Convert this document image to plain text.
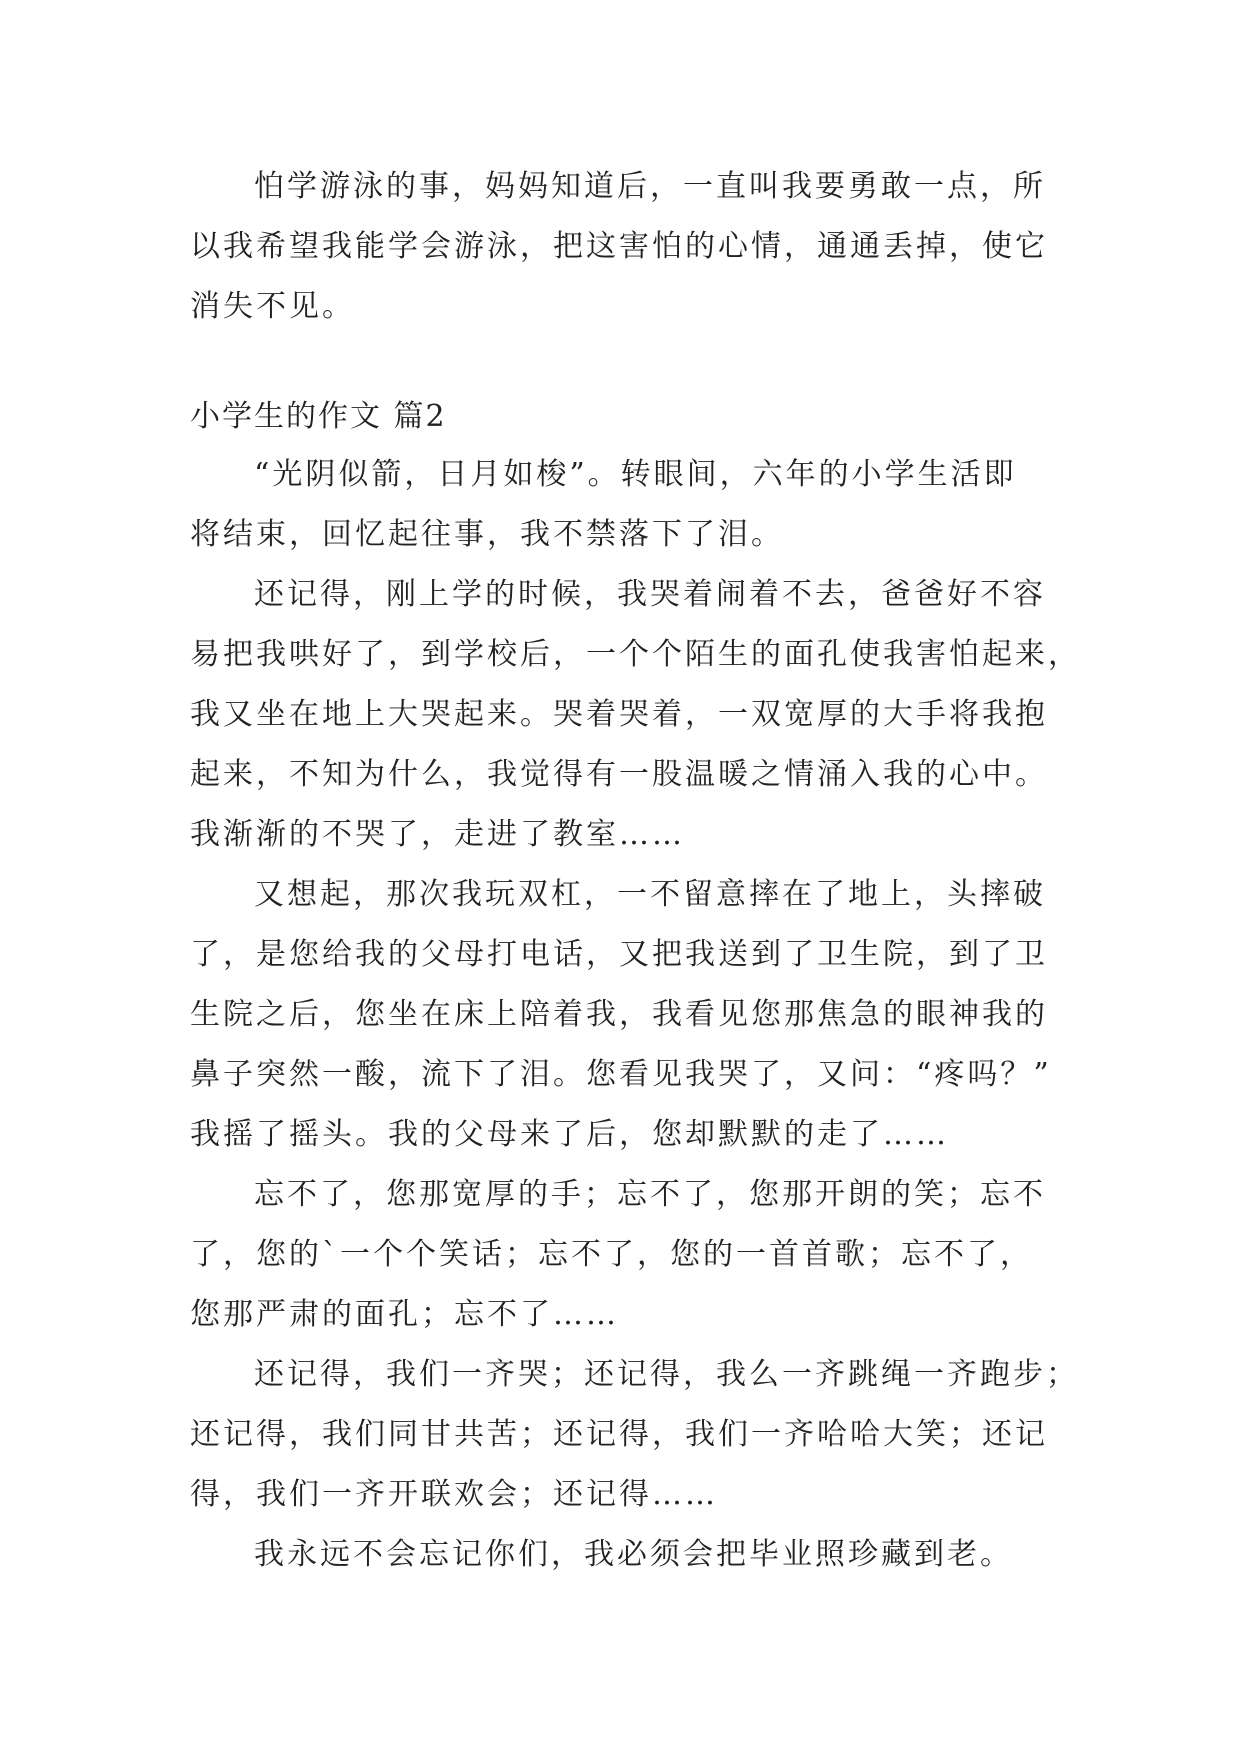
怕学游泳的事，妈妈知道后，一直叫我要勇敢一点，所
以我希望我能学会游泳，把这害怕的心情，通通丢掉，使它
消失不见。
小学生的作文 篇2
“光阴似箭，日月如梭”。转眼间，六年的小学生活即
将结束，回忆起往事，我不禁落下了泪。
还记得，刚上学的时候，我哭着闹着不去，爸爸好不容
易把我哄好了，到学校后，一个个陌生的面孔使我害怕起来，
我又坐在地上大哭起来。哭着哭着，一双宽厚的大手将我抱
起来，不知为什么，我觉得有一股温暖之情涌入我的心中。
我渐渐的不哭了，走进了教室……
又想起，那次我玩双杠，一不留意摔在了地上，头摔破
了，是您给我的父母打电话，又把我送到了卫生院，到了卫
生院之后，您坐在床上陪着我，我看见您那焦急的眼神我的
鼻子突然一酸，流下了泪。您看见我哭了，又问：“疼吗？”
我摇了摇头。我的父母来了后，您却默默的走了……
忘不了，您那宽厚的手；忘不了，您那开朗的笑；忘不
了，您的`一个个笑话；忘不了，您的一首首歌；忘不了，
您那严肃的面孔；忘不了……
还记得，我们一齐哭；还记得，我么一齐跳绳一齐跑步；
还记得，我们同甘共苦；还记得，我们一齐哈哈大笑；还记
得，我们一齐开联欢会；还记得……
我永远不会忘记你们，我必须会把毕业照珍藏到老。
